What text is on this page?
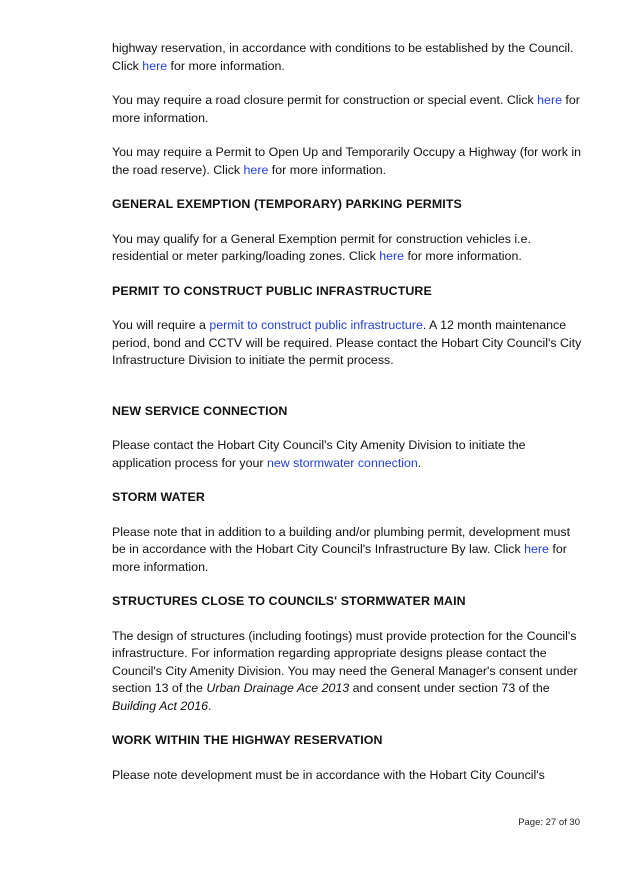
highway reservation, in accordance with conditions to be established by the Council. Click here for more information.

You may require a road closure permit for construction or special event. Click here for more information.

You may require a Permit to Open Up and Temporarily Occupy a Highway (for work in the road reserve). Click here for more information.

GENERAL EXEMPTION (TEMPORARY) PARKING PERMITS

You may qualify for a General Exemption permit for construction vehicles i.e. residential or meter parking/loading zones. Click here for more information.

PERMIT TO CONSTRUCT PUBLIC INFRASTRUCTURE

You will require a permit to construct public infrastructure. A 12 month maintenance period, bond and CCTV will be required. Please contact the Hobart City Council's City Infrastructure Division to initiate the permit process.

NEW SERVICE CONNECTION

Please contact the Hobart City Council's City Amenity Division to initiate the application process for your new stormwater connection.

STORM WATER

Please note that in addition to a building and/or plumbing permit, development must be in accordance with the Hobart City Council's Infrastructure By law. Click here for more information.

STRUCTURES CLOSE TO COUNCILS' STORMWATER MAIN

The design of structures (including footings) must provide protection for the Council's infrastructure. For information regarding appropriate designs please contact the Council's City Amenity Division. You may need the General Manager's consent under section 13 of the Urban Drainage Ace 2013 and consent under section 73 of the Building Act 2016.

WORK WITHIN THE HIGHWAY RESERVATION

Please note development must be in accordance with the Hobart City Council's

Page: 27 of 30
